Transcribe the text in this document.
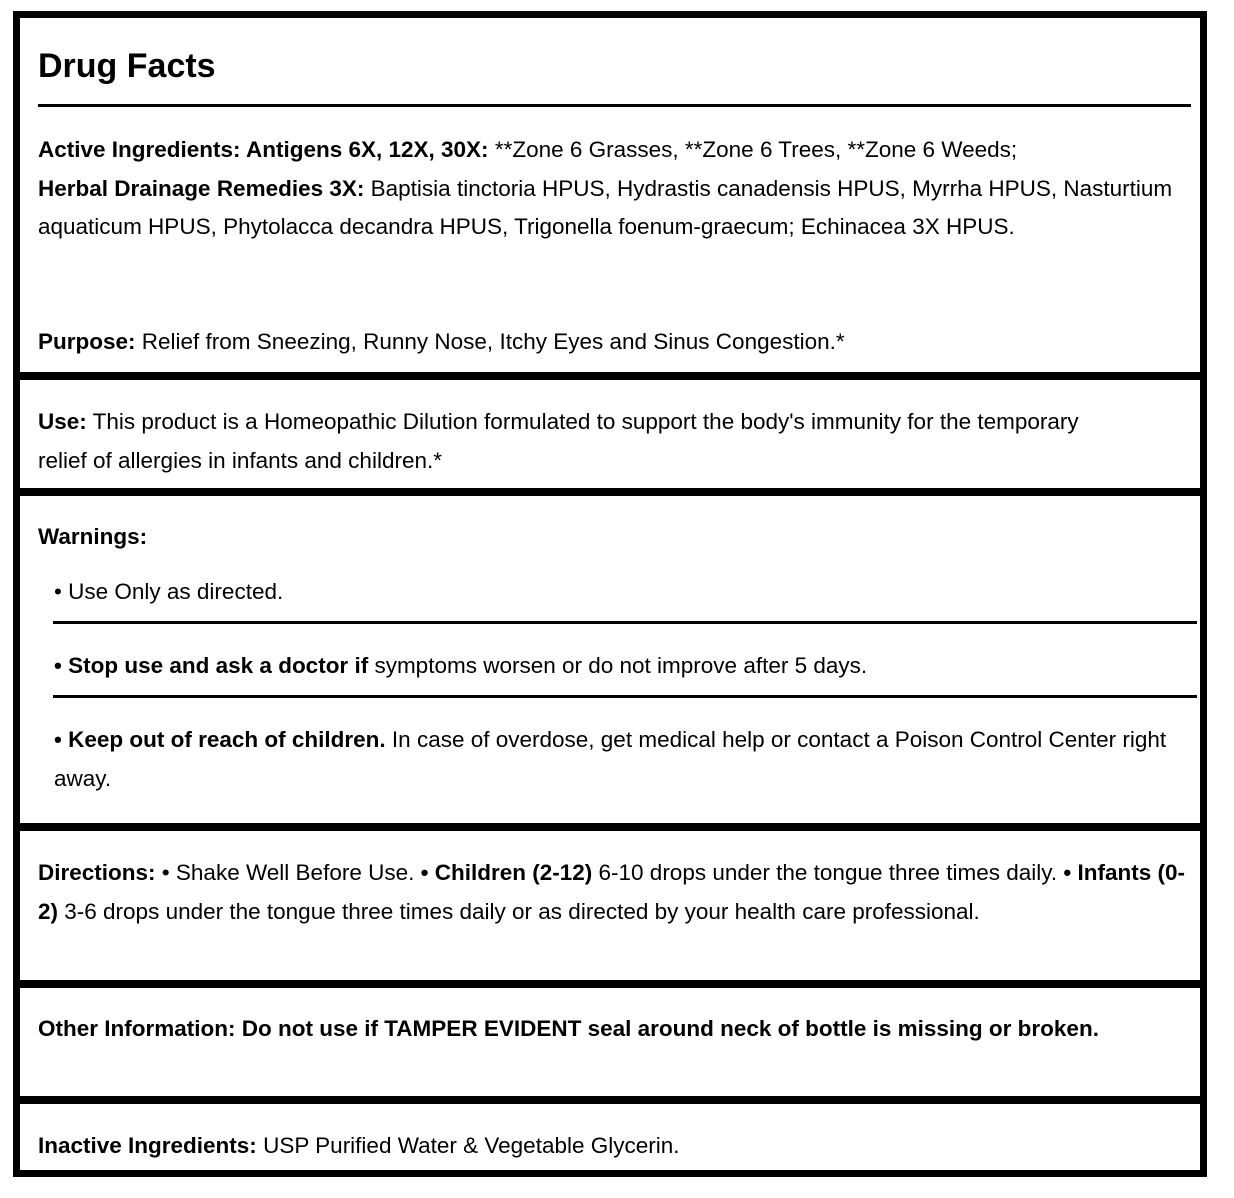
Drug Facts

Active Ingredients: Antigens 6X, 12X, 30X: **Zone 6 Grasses, **Zone 6 Trees, **Zone 6 Weeds;
Herbal Drainage Remedies 3X: Baptisia tinctoria HPUS, Hydrastis canadensis HPUS, Myrrha HPUS, Nasturtium aquaticum HPUS, Phytolacca decandra HPUS, Trigonella foenum-graecum; Echinacea 3X HPUS.

Purpose: Relief from Sneezing, Runny Nose, Itchy Eyes and Sinus Congestion.*

Use: This product is a Homeopathic Dilution formulated to support the body's immunity for the temporary relief of allergies in infants and children.*

Warnings:

• Use Only as directed.
• Stop use and ask a doctor if symptoms worsen or do not improve after 5 days.
• Keep out of reach of children. In case of overdose, get medical help or contact a Poison Control Center right away.

Directions: • Shake Well Before Use. • Children (2-12) 6-10 drops under the tongue three times daily. • Infants (0-2) 3-6 drops under the tongue three times daily or as directed by your health care professional.

Other Information: Do not use if TAMPER EVIDENT seal around neck of bottle is missing or broken.

Inactive Ingredients: USP Purified Water & Vegetable Glycerin.
